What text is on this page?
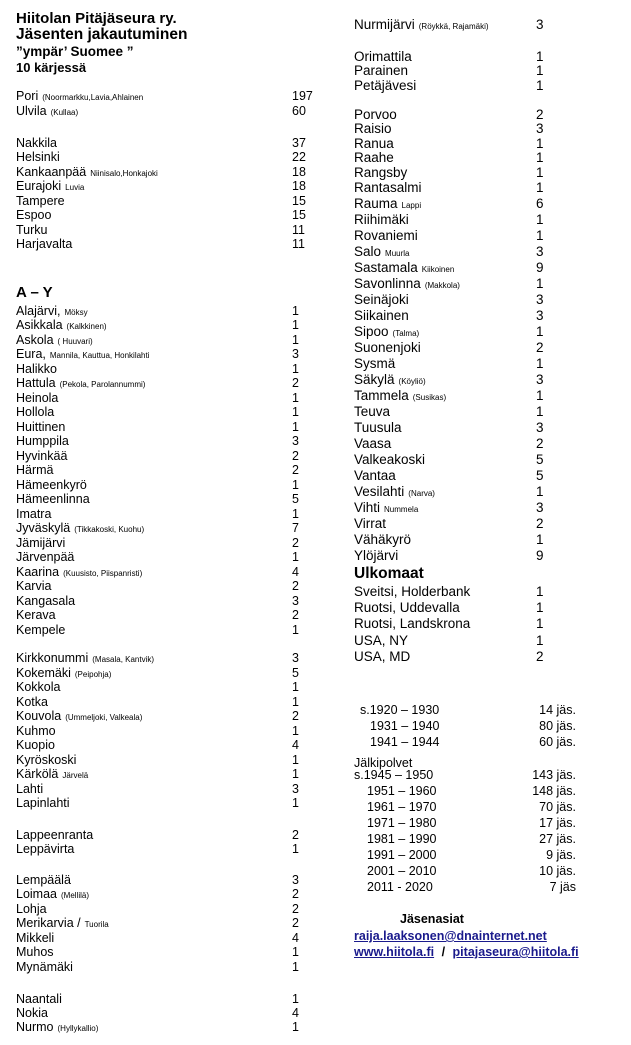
Hiitolan Pitäjäseura ry.
Jäsenten jakautuminen
”ympär’ Suomee ”
10 kärjessä
Pori (Noormarkku,Lavia,Ahlainen	197
Ulvila (Kullaa)	60
Nakkila	37
Helsinki	22
Kankaanpää Niinisalo,Honkajoki	18
Eurajoki Luvia	18
Tampere	15
Espoo	15
Turku	11
Harjavalta	11
A – Y
Alajärvi, Möksy	1
Asikkala (Kalkkinen)	1
Askola ( Huuvari)	1
Eura, Mannila, Kauttua, Honkilahti	3
Halikko	1
Hattula (Pekola, Parolannummi)	2
Heinola	1
Hollola	1
Huittinen	1
Humppila	3
Hyvinkää	2
Härmä	2
Hämeenkyrö	1
Hämeenlinna	5
Imatra	1
Jyväskylä (Tikkakoski, Kuohu)	7
Jämijärvi	2
Järvenpää	1
Kaarina (Kuusisto, Piispanristi)	4
Karvia	2
Kangasala	3
Kerava	2
Kempele	1
Kirkkonummi (Masala, Kantvik)	3
Kokemäki (Peipohja)	5
Kokkola	1
Kotka	1
Kouvola (Ummeljoki, Valkeala)	2
Kuhmo	1
Kuopio	4
Kyröskoski	1
Kärkölä Järvelä	1
Lahti	3
Lapinlahti	1
Lappeenranta	2
Leppävirta	1
Lempäälä	3
Loimaa (Mellilä)	2
Lohja	2
Merikarvia / Tuorila	2
Mikkeli	4
Muhos	1
Mynämäki	1
Naantali	1
Nokia	4
Nurmo (Hyllykallio)	1
Nurmijärvi (Röykkä, Rajamäki)	3
Orimattila	1
Parainen	1
Petäjävesi	1
Porvoo	2
Raisio	3
Ranua	1
Raahe	1
Rangsby	1
Rantasalmi	1
Rauma Lappi	6
Riihimäki	1
Rovaniemi	1
Salo Muurla	3
Sastamala Kiikoinen	9
Savonlinna (Makkola)	1
Seinäjoki	3
Siikainen	3
Sipoo (Talma)	1
Suonenjoki	2
Sysmä	1
Säkylä (Köyliö)	3
Tammela (Susikas)	1
Teuva	1
Tuusula	3
Vaasa	2
Valkeakoski	5
Vantaa	5
Vesilahti (Narva)	1
Vihti Nummela	3
Virrat	2
Vähäkyrö	1
Ylöjärvi	9
Ulkomaat
Sveitsi, Holderbank	1
Ruotsi, Uddevalla	1
Ruotsi, Landskrona	1
USA, NY	1
USA, MD	2
s.1920 – 1930	14 jäs.
1931 – 1940	80 jäs.
1941 – 1944	60 jäs.
Jälkipolvet
s.1945 – 1950	143 jäs.
1951 – 1960	148 jäs.
1961 – 1970	70 jäs.
1971 – 1980	17 jäs.
1981 – 1990	27 jäs.
1991 – 2000	9 jäs.
2001 – 2010	10 jäs.
2011 - 2020	7 jäs
Jäsenasiat
raija.laaksonen@dnainternet.net
www.hiitola.fi / pitajaseura@hiitola.fi
